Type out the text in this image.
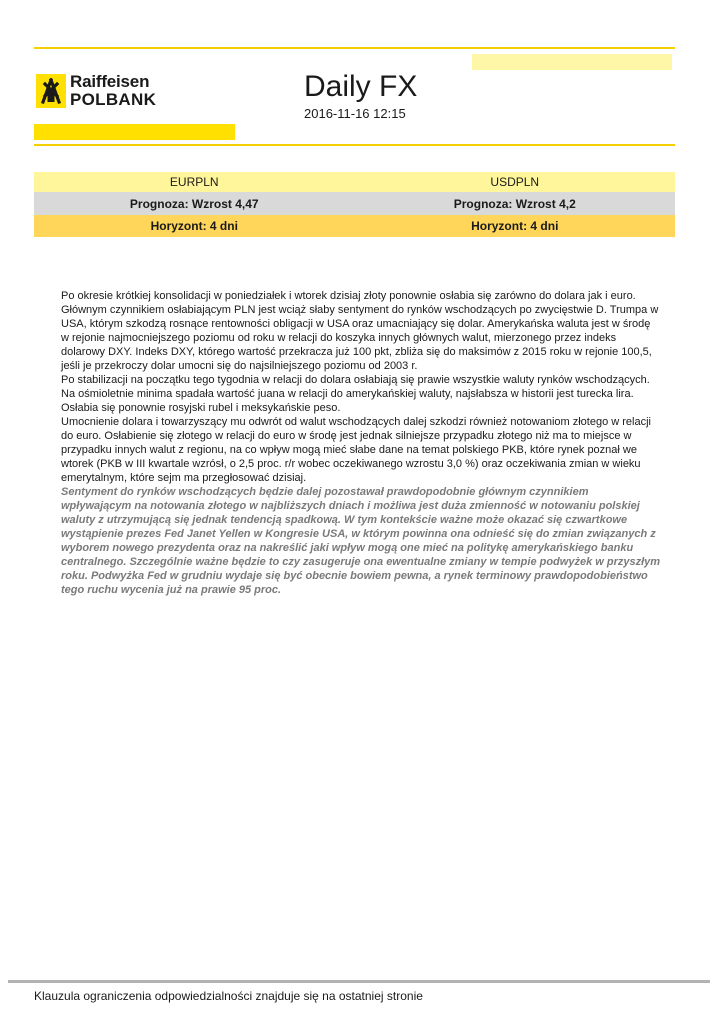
Raiffeisen
POLBANK	Daily FX
2016-11-16 12:15
EURPLN	USDPLN
Prognoza: Wzrost 4,47	Prognoza: Wzrost 4,2
Horyzont: 4 dni	Horyzont: 4 dni

Po okresie krótkiej konsolidacji w poniedziałek i wtorek dzisiaj złoty ponownie osłabia się zarówno do dolara jak i euro. Głównym czynnikiem osłabiającym PLN jest wciąż słaby sentyment do rynków wschodzących po zwycięstwie D. Trumpa w USA, którym szkodzą rosnące rentowności obligacji w USA oraz umacniający się dolar. Amerykańska waluta jest w środę w rejonie najmocniejszego poziomu od roku w relacji do koszyka innych głównych walut, mierzonego przez indeks dolarowy DXY. Indeks DXY, którego wartość przekracza już 100 pkt, zbliża się do maksimów z 2015 roku w rejonie 100,5, jeśli je przekroczy dolar umocni się do najsilniejszego poziomu od 2003 r.

Po stabilizacji na początku tego tygodnia w relacji do dolara osłabiają się prawie wszystkie waluty rynków wschodzących. Na ośmioletnie minima spadała wartość juana w relacji do amerykańskiej waluty, najsłabsza w historii jest turecka lira. Osłabia się ponownie rosyjski rubel i meksykańskie peso.

Umocnienie dolara i towarzyszący mu odwrót od walut wschodzących dalej szkodzi również notowaniom złotego w relacji do euro. Osłabienie się złotego w relacji do euro w środę jest jednak silniejsze przypadku złotego niż ma to miejsce w przypadku innych walut z regionu, na co wpływ mogą mieć słabe dane na temat polskiego PKB, które rynek poznał we wtorek (PKB w III kwartale wzrósł, o 2,5 proc. r/r wobec oczekiwanego wzrostu 3,0 %) oraz oczekiwania zmian w wieku emerytalnym, które sejm ma przegłosować dzisiaj.

Sentyment do rynków wschodzących będzie dalej pozostawał prawdopodobnie głównym czynnikiem wpływającym na notowania złotego w najbliższych dniach i możliwa jest duża zmienność w notowaniu polskiej waluty z utrzymującą się jednak tendencją spadkową. W tym kontekście ważne może okazać się czwartkowe wystąpienie prezes Fed Janet Yellen w Kongresie USA, w którym powinna ona odnieść się do zmian związanych z wyborem nowego prezydenta oraz na nakreślić jaki wpływ mogą one mieć na politykę amerykańskiego banku centralnego. Szczególnie ważne będzie to czy zasugeruje ona ewentualne zmiany w tempie podwyżek w przyszłym roku. Podwyżka Fed w grudniu wydaje się być obecnie bowiem pewna, a rynek terminowy prawdopodobieństwo tego ruchu wycenia już na prawie 95 proc.

Klauzula ograniczenia odpowiedzialności znajduje się na ostatniej stronie
